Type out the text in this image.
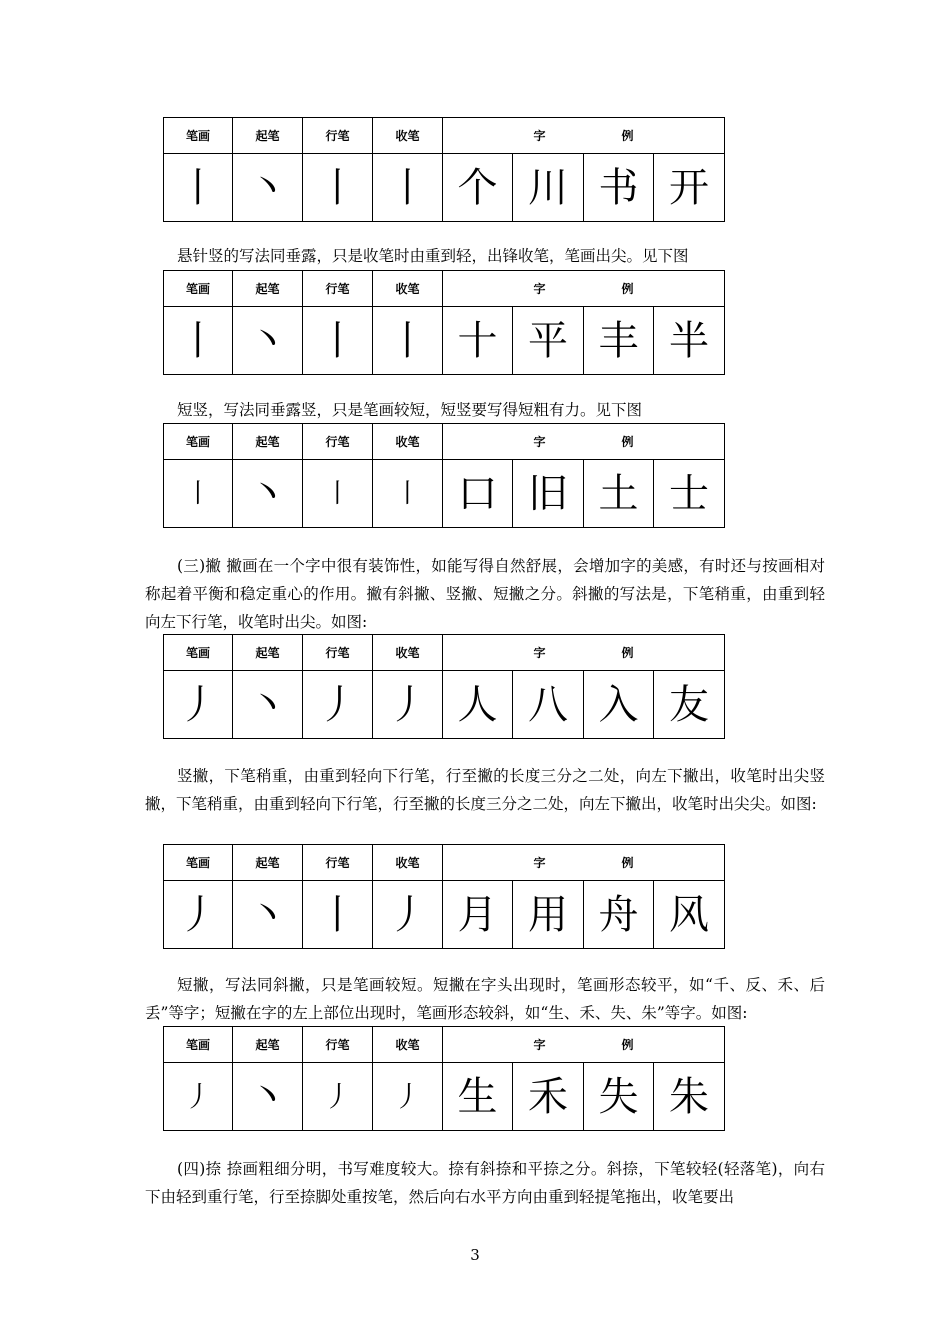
笔画	起笔	行笔	收笔	字 例			
丨	丶	丨	丨	个	川	书	开

悬针竖的写法同垂露，只是收笔时由重到轻，出锋收笔，笔画出尖。见下图

笔画	起笔	行笔	收笔	字 例			
丨	丶	丨	丨	十	平	丰	半

短竖，写法同垂露竖，只是笔画较短，短竖要写得短粗有力。见下图

笔画	起笔	行笔	收笔	字 例			
丨	丶	丨	丨	口	旧	土	士

(三)撇 撇画在一个字中很有装饰性，如能写得自然舒展，会增加字的美感，有时还与按画相对称起着平衡和稳定重心的作用。撇有斜撇、竖撇、短撇之分。斜撇的写法是，下笔稍重，由重到轻向左下行笔，收笔时出尖。如图:

笔画	起笔	行笔	收笔	字 例			
丿	丶	丿	丿	人	八	入	友

竖撇，下笔稍重，由重到轻向下行笔，行至撇的长度三分之二处，向左下撇出，收笔时出尖竖撇，下笔稍重，由重到轻向下行笔，行至撇的长度三分之二处，向左下撇出，收笔时出尖尖。如图:

笔画	起笔	行笔	收笔	字 例			
丿	丶	丨	丿	月	用	舟	风

短撇，写法同斜撇，只是笔画较短。短撇在字头出现时，笔画形态较平，如“千、反、禾、后丢”等字；短撇在字的左上部位出现时，笔画形态较斜，如“生、禾、失、朱”等字。如图:

笔画	起笔	行笔	收笔	字 例			
丿	丶	丿	丿	生	禾	失	朱

(四)捺 捺画粗细分明，书写难度较大。捺有斜捺和平捺之分。斜捺，下笔较轻(轻落笔)，向右下由轻到重行笔，行至捺脚处重按笔，然后向右水平方向由重到轻提笔拖出，收笔要出

3
